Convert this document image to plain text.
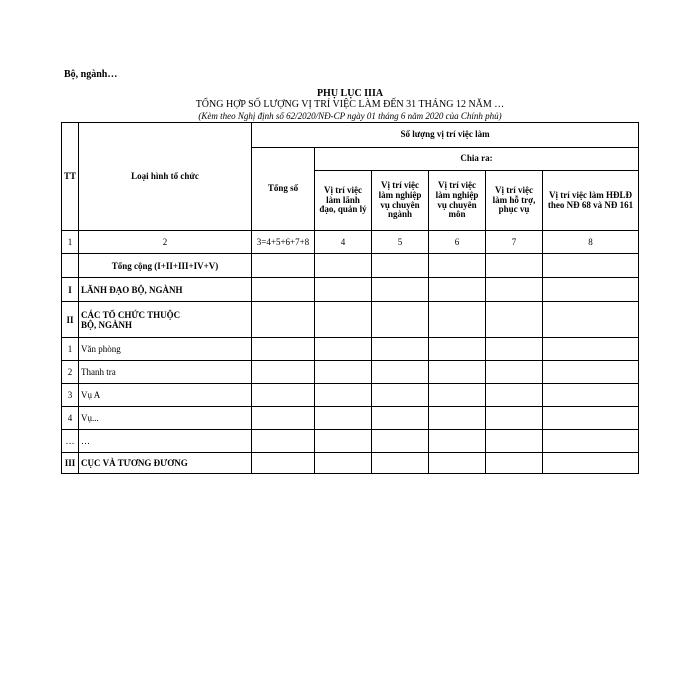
Bộ, ngành…
PHỤ LỤC IIIA
TỔNG HỢP SỐ LƯỢNG VỊ TRÍ VIỆC LÀM ĐẾN 31 THÁNG 12 NĂM …
(Kèm theo Nghị định số 62/2020/NĐ-CP ngày 01 tháng 6 năm 2020 của Chính phủ)
TT	Loại hình tổ chức	Số lượng vị trí việc làm					
		Tổng số	Chia ra:				
			Vị trí việc làm lãnh đạo, quản lý	Vị trí việc làm nghiệp vụ chuyên ngành	Vị trí việc làm nghiệp vụ chuyên môn	Vị trí việc làm hỗ trợ, phục vụ	Vị trí việc làm HĐLĐ theo NĐ 68 và NĐ 161
1	2	3=4+5+6+7+8	4	5	6	7	8
	Tổng cộng (I+II+III+IV+V)						
I	LÃNH ĐẠO BỘ, NGÀNH						
II	CÁC TỔ CHỨC THUỘC BỘ, NGÀNH						
1	Văn phòng						
2	Thanh tra						
3	Vụ A						
4	Vụ...						
…	…						
III	CỤC VÀ TƯƠNG ĐƯƠNG						
